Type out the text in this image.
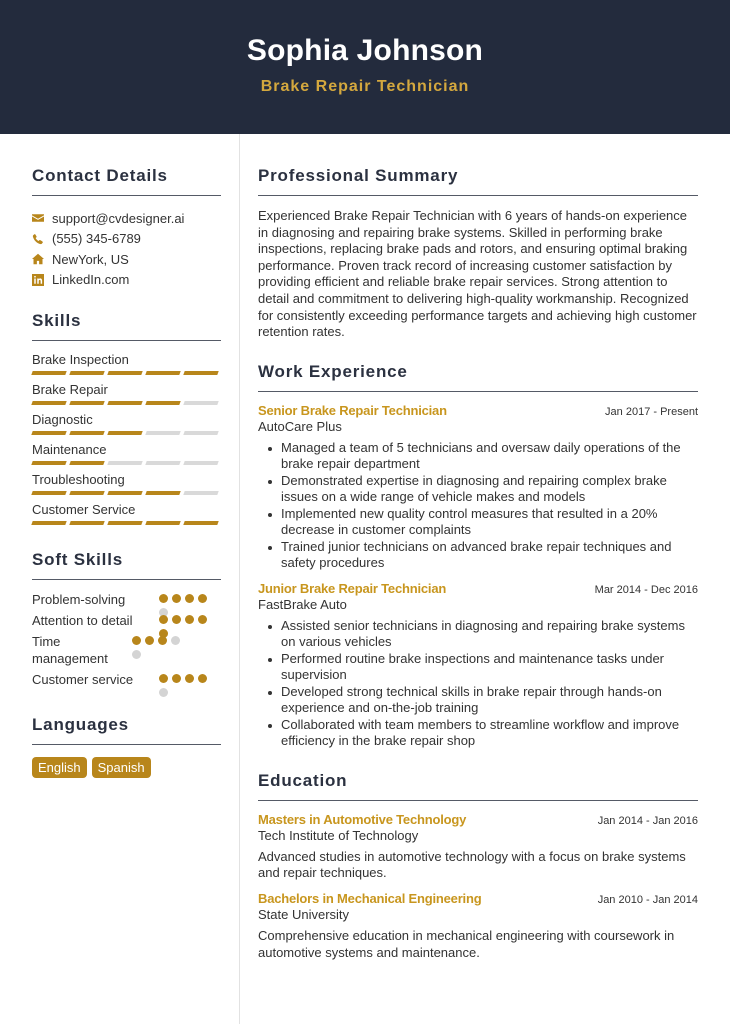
Sophia Johnson
Brake Repair Technician
Contact Details
support@cvdesigner.ai
(555) 345-6789
NewYork, US
LinkedIn.com
Skills
Brake Inspection
Brake Repair
Diagnostic
Maintenance
Troubleshooting
Customer Service
Soft Skills
Problem-solving
Attention to detail
Time management
Customer service
Languages
English	Spanish
Professional Summary

Experienced Brake Repair Technician with 6 years of hands-on experience in diagnosing and repairing brake systems. Skilled in performing brake inspections, replacing brake pads and rotors, and ensuring optimal braking performance. Proven track record of increasing customer satisfaction by providing efficient and reliable brake repair services. Strong attention to detail and commitment to delivering high-quality workmanship. Recognized for consistently exceeding performance targets and achieving high customer retention rates.

Work Experience
Senior Brake Repair Technician	Jan 2017 - Present
AutoCare Plus
Managed a team of 5 technicians and oversaw daily operations of the brake repair department
Demonstrated expertise in diagnosing and repairing complex brake issues on a wide range of vehicle makes and models
Implemented new quality control measures that resulted in a 20% decrease in customer complaints
Trained junior technicians on advanced brake repair techniques and safety procedures
Junior Brake Repair Technician	Mar 2014 - Dec 2016
FastBrake Auto
Assisted senior technicians in diagnosing and repairing brake systems on various vehicles
Performed routine brake inspections and maintenance tasks under supervision
Developed strong technical skills in brake repair through hands-on experience and on-the-job training
Collaborated with team members to streamline workflow and improve efficiency in the brake repair shop
Education
Masters in Automotive Technology	Jan 2014 - Jan 2016
Tech Institute of Technology

Advanced studies in automotive technology with a focus on brake systems and repair techniques.

Bachelors in Mechanical Engineering	Jan 2010 - Jan 2014
State University

Comprehensive education in mechanical engineering with coursework in automotive systems and maintenance.
